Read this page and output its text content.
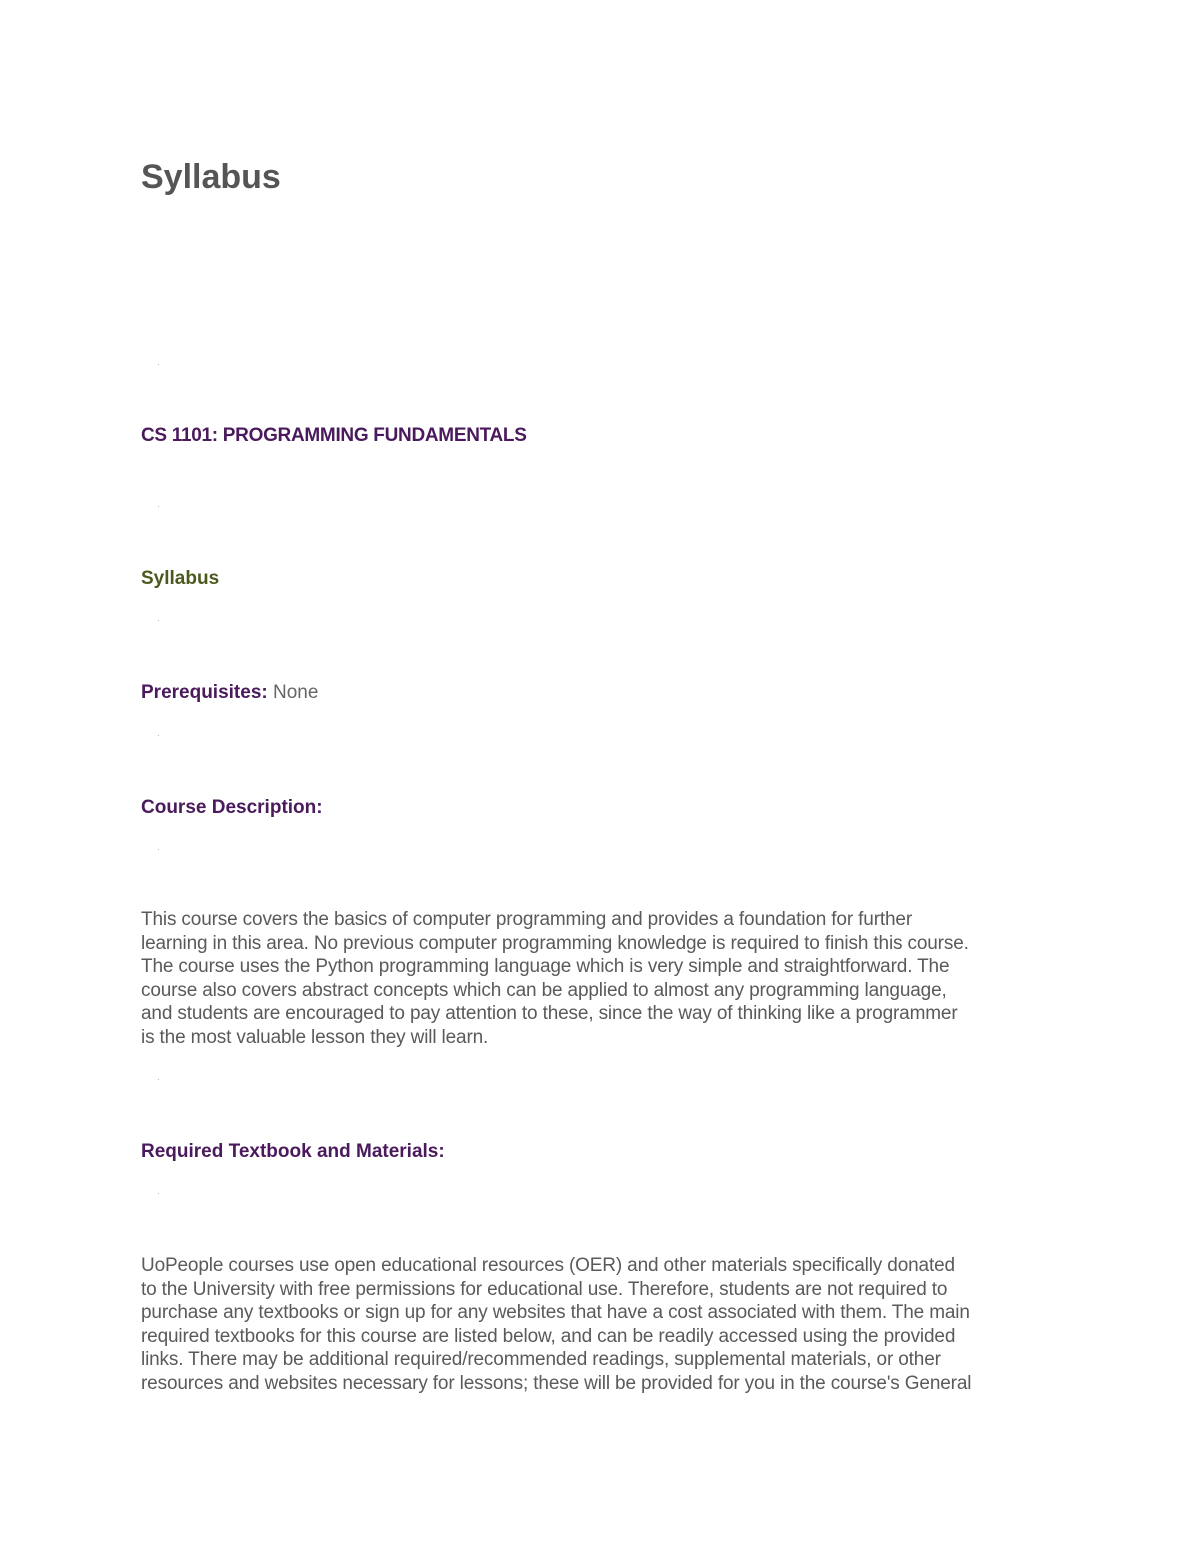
Syllabus
·
CS 1101: PROGRAMMING FUNDAMENTALS
·
Syllabus
·
Prerequisites: None
·
Course Description:
·
This course covers the basics of computer programming and provides a foundation for further
learning in this area. No previous computer programming knowledge is required to finish this course.
The course uses the Python programming language which is very simple and straightforward. The
course also covers abstract concepts which can be applied to almost any programming language,
and students are encouraged to pay attention to these, since the way of thinking like a programmer
is the most valuable lesson they will learn.
·
Required Textbook and Materials:
·
UoPeople courses use open educational resources (OER) and other materials specifically donated
to the University with free permissions for educational use. Therefore, students are not required to
purchase any textbooks or sign up for any websites that have a cost associated with them. The main
required textbooks for this course are listed below, and can be readily accessed using the provided
links. There may be additional required/recommended readings, supplemental materials, or other
resources and websites necessary for lessons; these will be provided for you in the course's General
